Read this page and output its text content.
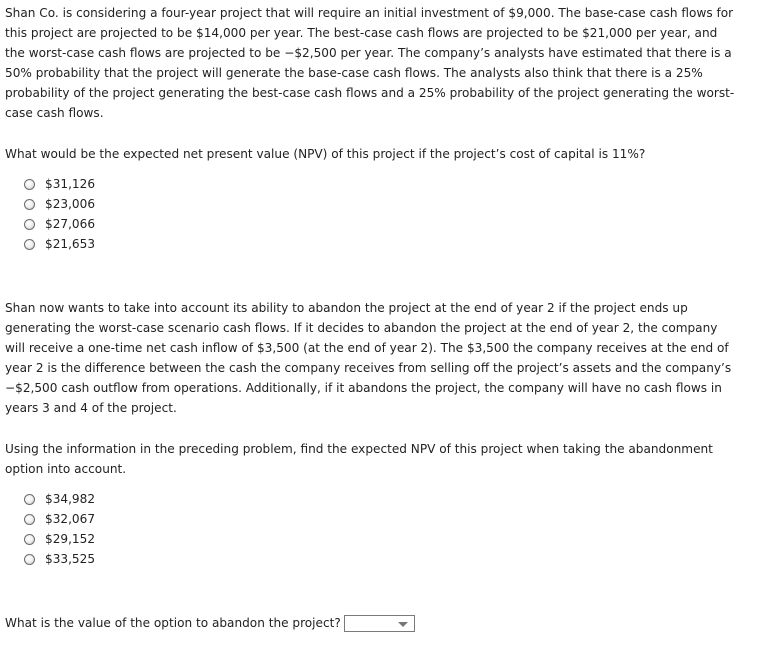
Shan Co. is considering a four-year project that will require an initial investment of $9,000. The base-case cash flows for this project are projected to be $14,000 per year. The best-case cash flows are projected to be $21,000 per year, and the worst-case cash flows are projected to be −$2,500 per year. The company’s analysts have estimated that there is a 50% probability that the project will generate the base-case cash flows. The analysts also think that there is a 25% probability of the project generating the best-case cash flows and a 25% probability of the project generating the worst-case cash flows.

What would be the expected net present value (NPV) of this project if the project’s cost of capital is 11%?

$31,126
$23,006
$27,066
$21,653

Shan now wants to take into account its ability to abandon the project at the end of year 2 if the project ends up generating the worst-case scenario cash flows. If it decides to abandon the project at the end of year 2, the company will receive a one-time net cash inflow of $3,500 (at the end of year 2). The $3,500 the company receives at the end of year 2 is the difference between the cash the company receives from selling off the project’s assets and the company’s −$2,500 cash outflow from operations. Additionally, if it abandons the project, the company will have no cash flows in years 3 and 4 of the project.

Using the information in the preceding problem, find the expected NPV of this project when taking the abandonment option into account.

$34,982
$32,067
$29,152
$33,525
What is the value of the option to abandon the project?
